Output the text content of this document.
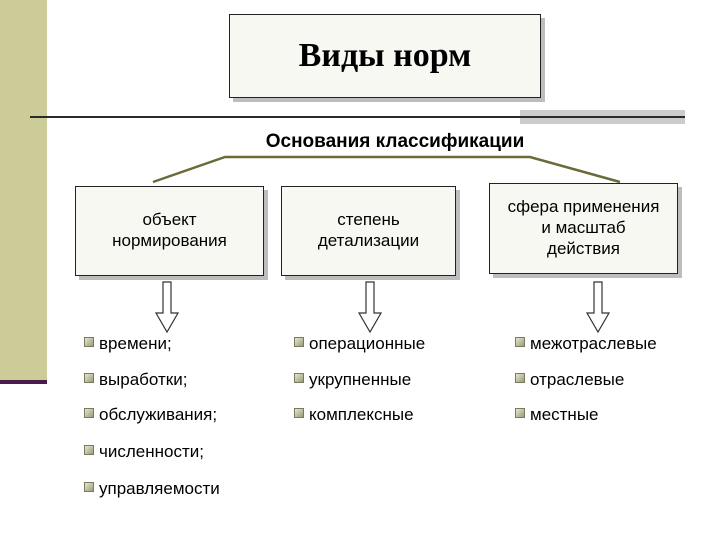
Виды норм
Основания классификации
объект нормирования
степень детализации
сфера применения и масштаб действия
времени;
выработки;
обслуживания;
численности;
управляемости
операционные
укрупненные
комплексные
межотраслевые
отраслевые
местные
